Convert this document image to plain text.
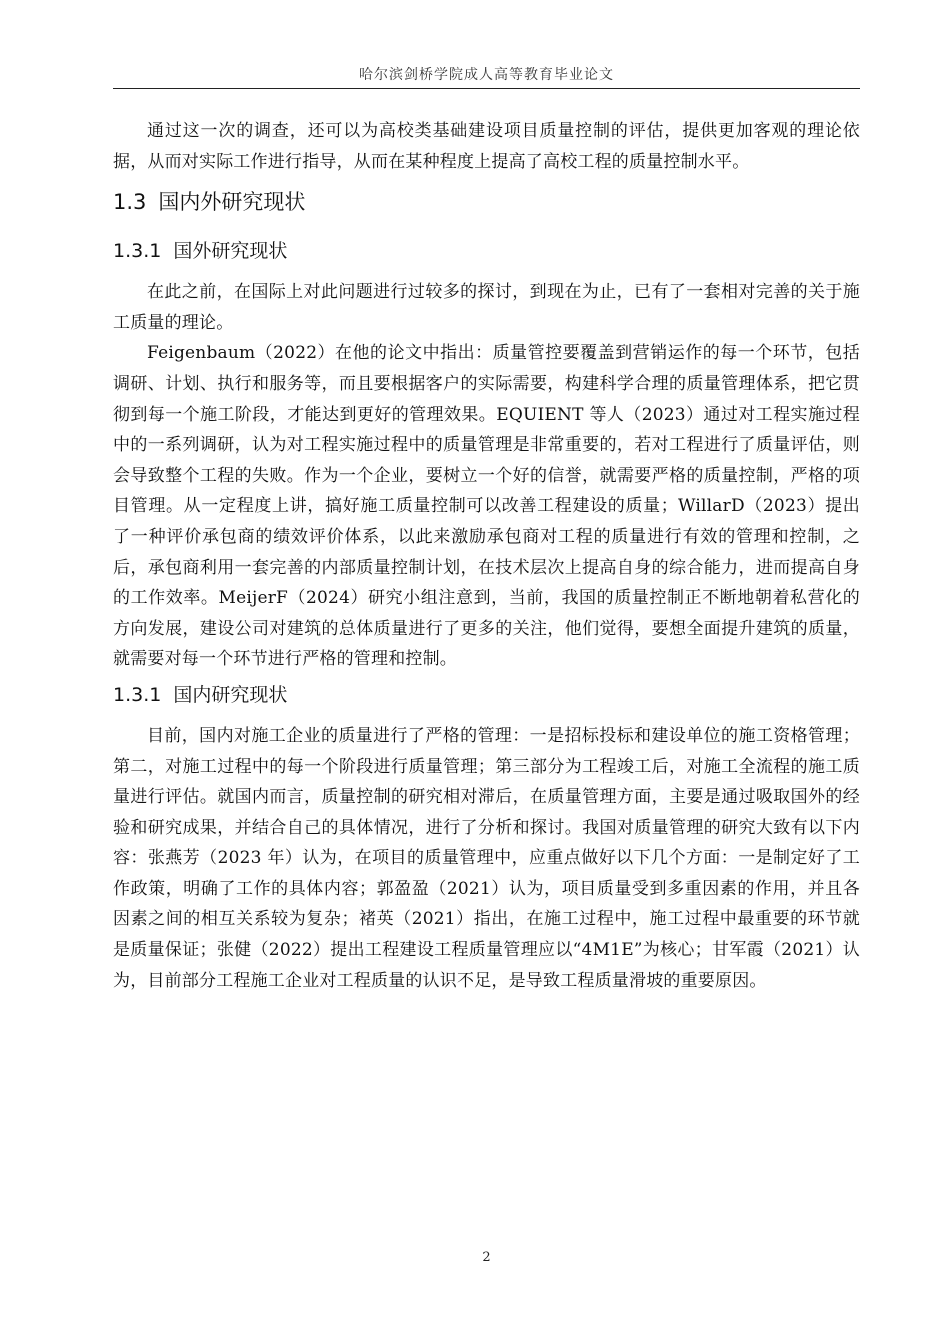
哈尔滨剑桥学院成人高等教育毕业论文

通过这一次的调查，还可以为高校类基础建设项目质量控制的评估，提供更加客观的理论依据，从而对实际工作进行指导，从而在某种程度上提高了高校工程的质量控制水平。

1.3 国内外研究现状
1.3.1 国外研究现状

在此之前，在国际上对此问题进行过较多的探讨，到现在为止，已有了一套相对完善的关于施工质量的理论。

Feigenbaum（2022）在他的论文中指出：质量管控要覆盖到营销运作的每一个环节，包括调研、计划、执行和服务等，而且要根据客户的实际需要，构建科学合理的质量管理体系，把它贯彻到每一个施工阶段，才能达到更好的管理效果。EQUIENT 等人（2023）通过对工程实施过程中的一系列调研，认为对工程实施过程中的质量管理是非常重要的，若对工程进行了质量评估，则会导致整个工程的失败。作为一个企业，要树立一个好的信誉，就需要严格的质量控制，严格的项目管理。从一定程度上讲，搞好施工质量控制可以改善工程建设的质量；WillarD（2023）提出了一种评价承包商的绩效评价体系，以此来激励承包商对工程的质量进行有效的管理和控制，之后，承包商利用一套完善的内部质量控制计划，在技术层次上提高自身的综合能力，进而提高自身的工作效率。MeijerF（2024）研究小组注意到，当前，我国的质量控制正不断地朝着私营化的方向发展，建设公司对建筑的总体质量进行了更多的关注，他们觉得，要想全面提升建筑的质量，就需要对每一个环节进行严格的管理和控制。

1.3.1 国内研究现状

目前，国内对施工企业的质量进行了严格的管理：一是招标投标和建设单位的施工资格管理；第二，对施工过程中的每一个阶段进行质量管理；第三部分为工程竣工后，对施工全流程的施工质量进行评估。就国内而言，质量控制的研究相对滞后，在质量管理方面，主要是通过吸取国外的经验和研究成果，并结合自己的具体情况，进行了分析和探讨。我国对质量管理的研究大致有以下内容：张燕芳（2023 年）认为，在项目的质量管理中，应重点做好以下几个方面：一是制定好了工作政策，明确了工作的具体内容；郭盈盈（2021）认为，项目质量受到多重因素的作用，并且各因素之间的相互关系较为复杂；褚英（2021）指出，在施工过程中，施工过程中最重要的环节就是质量保证；张健（2022）提出工程建设工程质量管理应以“4M1E”为核心；甘军霞（2021）认为，目前部分工程施工企业对工程质量的认识不足，是导致工程质量滑坡的重要原因。

2
